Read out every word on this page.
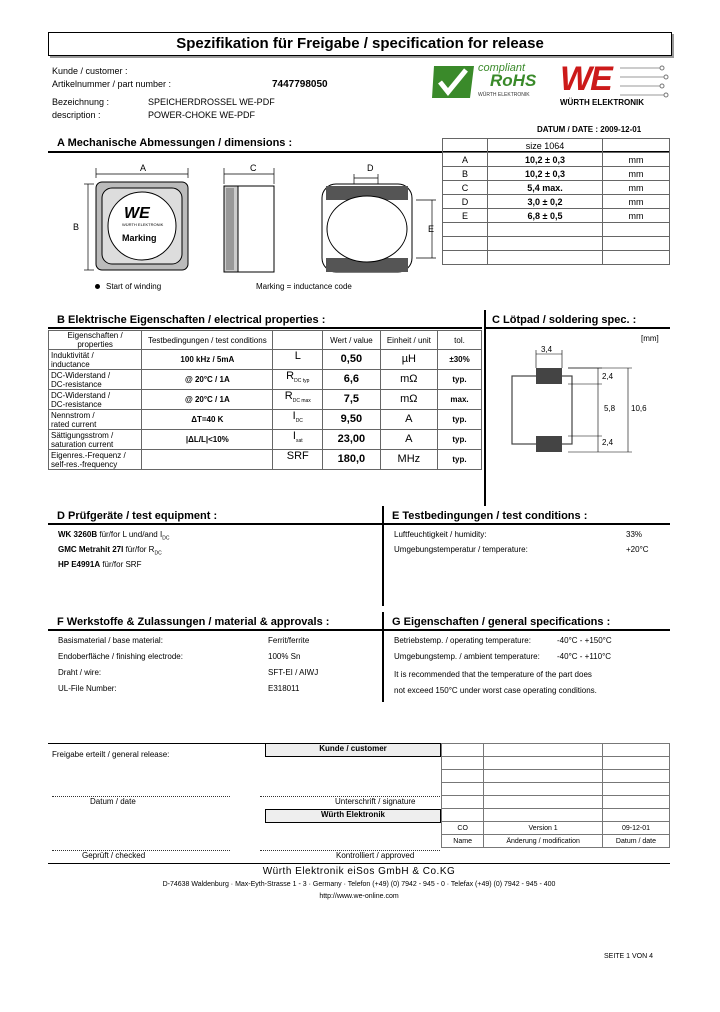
Spezifikation für Freigabe / specification for release
Kunde / customer :
Artikelnummer / part number :	7447798050
Bezeichnung :	SPEICHERDROSSEL WE-PDF
description :	POWER-CHOKE WE-PDF
DATUM / DATE : 2009-12-01
compliant
RoHS
WÜRTH ELEKTRONIK WE
WÜRTH ELEKTRONIK
A Mechanische Abmessungen / dimensions :
A
B
C	D
E
WE
WÜRTH ELEKTRONIK
Marking
Start of winding	Marking = inductance code
	size 1064	
A	10,2 ± 0,3	mm
B	10,2 ± 0,3	mm
C	5,4 max.	mm
D	3,0 ± 0,2	mm
E	6,8 ± 0,5	mm

B Elektrische Eigenschaften / electrical properties :
Eigenschaften / properties	Testbedingungen / test conditions		Wert / value	Einheit / unit	tol.

Induktivität /
inductance	100 kHz / 5mA	L	0,50	µH	±30%

DC-Widerstand /
DC-resistance	@ 20°C / 1A	$R_{DC typ}$	6,6	mΩ	typ.

DC-Widerstand /
DC-resistance	@ 20°C / 1A	$R_{DC max}$	7,5	mΩ	max.

Nennstrom /
rated current	ΔT=40 K	$I_{DC}$	9,50	A	typ.

Sättigungsstrom /
saturation current	|ΔL/L|<10%	$I_{sat}$	23,00	A	typ.

Eigenres.-Frequenz /
self-res.-frequency		SRF	180,0	MHz	typ.
C Lötpad / soldering spec. :
[mm]
3,4
2,4
5,8 10,6
2,4
D Prüfgeräte / test equipment :
WK 3260B für/for L und/and $I_{DC}$
GMC Metrahit 27I für/for $R_{DC}$
HP E4991A für/for SRF
E Testbedingungen / test conditions :
Luftfeuchtigkeit / humidity:	33%
Umgebungstemperatur / temperature:	+20°C
F Werkstoffe & Zulassungen / material & approvals :
Basismaterial / base material:	Ferrit/ferrite
Endoberfläche / finishing electrode:	100% Sn
Draht / wire:	SFT-EI / AIWJ
UL-File Number:	E318011
G Eigenschaften / general specifications :
Betriebstemp. / operating temperature:	-40°C - +150°C
Umgebungstemp. / ambient temperature: -40°C - +110°C
It is recommended that the temperature of the part does
not exceed 150°C under worst case operating conditions.
Freigabe erteilt / general release:
Kunde / customer
Datum / date	Unterschrift / signature
Würth Elektronik
Geprüft / checked	Kontrolliert / approved

CO	Version 1	09-12-01
Name	Änderung / modification	Datum / date
Würth Elektronik eiSos GmbH & Co.KG
D-74638 Waldenburg · Max-Eyth-Strasse 1 - 3 · Germany · Telefon (+49) (0) 7942 - 945 - 0 · Telefax (+49) (0) 7942 - 945 - 400
http://www.we-online.com
SEITE 1 VON 4
